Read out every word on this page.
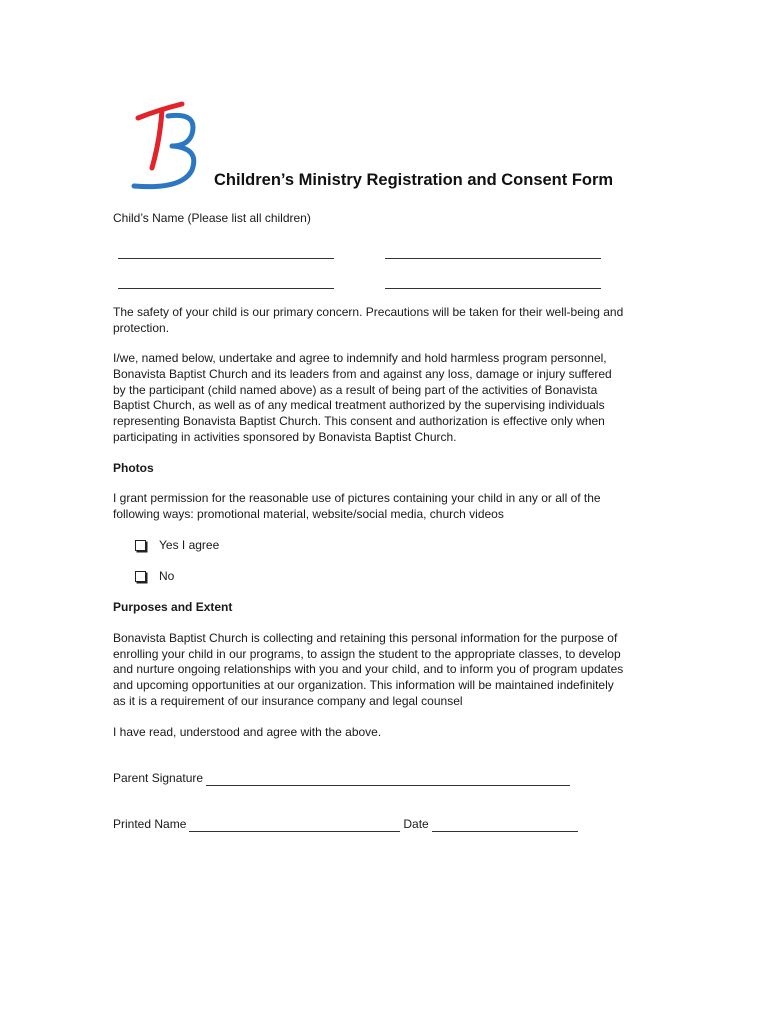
Children’s Ministry Registration and Consent Form
Child’s Name (Please list all children)
The safety of your child is our primary concern. Precautions will be taken for their well-being and
protection.
I/we, named below, undertake and agree to indemnify and hold harmless program personnel,
Bonavista Baptist Church and its leaders from and against any loss, damage or injury suffered
by the participant (child named above) as a result of being part of the activities of Bonavista
Baptist Church, as well as of any medical treatment authorized by the supervising individuals
representing Bonavista Baptist Church. This consent and authorization is effective only when
participating in activities sponsored by Bonavista Baptist Church.
Photos
I grant permission for the reasonable use of pictures containing your child in any or all of the
following ways: promotional material, website/social media, church videos
Yes I agree
No
Purposes and Extent
Bonavista Baptist Church is collecting and retaining this personal information for the purpose of
enrolling your child in our programs, to assign the student to the appropriate classes, to develop
and nurture ongoing relationships with you and your child, and to inform you of program updates
and upcoming opportunities at our organization. This information will be maintained indefinitely
as it is a requirement of our insurance company and legal counsel
I have read, understood and agree with the above.
Parent Signature
Printed Name	Date
